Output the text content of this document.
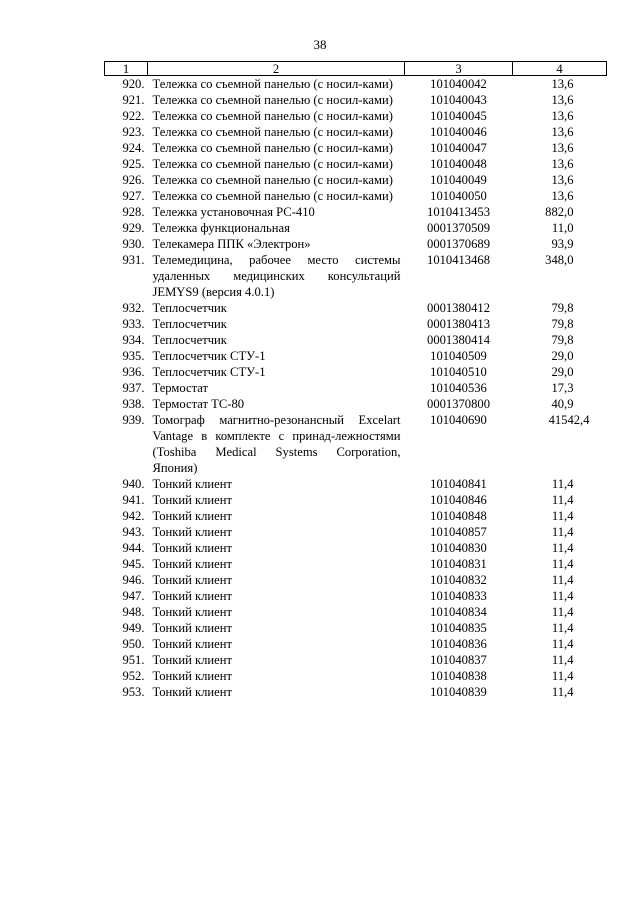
38
1	2	3	4
920.	Тележка со съемной панелью (с носил-ками)	101040042	13,6
921.	Тележка со съемной панелью (с носил-ками)	101040043	13,6
922.	Тележка со съемной панелью (с носил-ками)	101040045	13,6
923.	Тележка со съемной панелью (с носил-ками)	101040046	13,6
924.	Тележка со съемной панелью (с носил-ками)	101040047	13,6
925.	Тележка со съемной панелью (с носил-ками)	101040048	13,6
926.	Тележка со съемной панелью (с носил-ками)	101040049	13,6
927.	Тележка со съемной панелью (с носил-ками)	101040050	13,6
928.	Тележка установочная РС-410	1010413453	882,0
929.	Тележка функциональная	0001370509	11,0
930.	Телекамера ППК «Электрон»	0001370689	93,9
931.	Телемедицина, рабочее место системы удаленных медицинских консультаций JEMYS9 (версия 4.0.1)	1010413468	348,0
932.	Теплосчетчик	0001380412	79,8
933.	Теплосчетчик	0001380413	79,8
934.	Теплосчетчик	0001380414	79,8
935.	Теплосчетчик СТУ-1	101040509	29,0
936.	Теплосчетчик СТУ-1	101040510	29,0
937.	Термостат	101040536	17,3
938.	Термостат ТС-80	0001370800	40,9
939.	Томограф магнитно-резонансный Excelart Vantage в комплекте с принад-лежностями (Toshiba Medical Systems Corporation, Япония)	101040690	41542,4
940.	Тонкий клиент	101040841	11,4
941.	Тонкий клиент	101040846	11,4
942.	Тонкий клиент	101040848	11,4
943.	Тонкий клиент	101040857	11,4
944.	Тонкий клиент	101040830	11,4
945.	Тонкий клиент	101040831	11,4
946.	Тонкий клиент	101040832	11,4
947.	Тонкий клиент	101040833	11,4
948.	Тонкий клиент	101040834	11,4
949.	Тонкий клиент	101040835	11,4
950.	Тонкий клиент	101040836	11,4
951.	Тонкий клиент	101040837	11,4
952.	Тонкий клиент	101040838	11,4
953.	Тонкий клиент	101040839	11,4
